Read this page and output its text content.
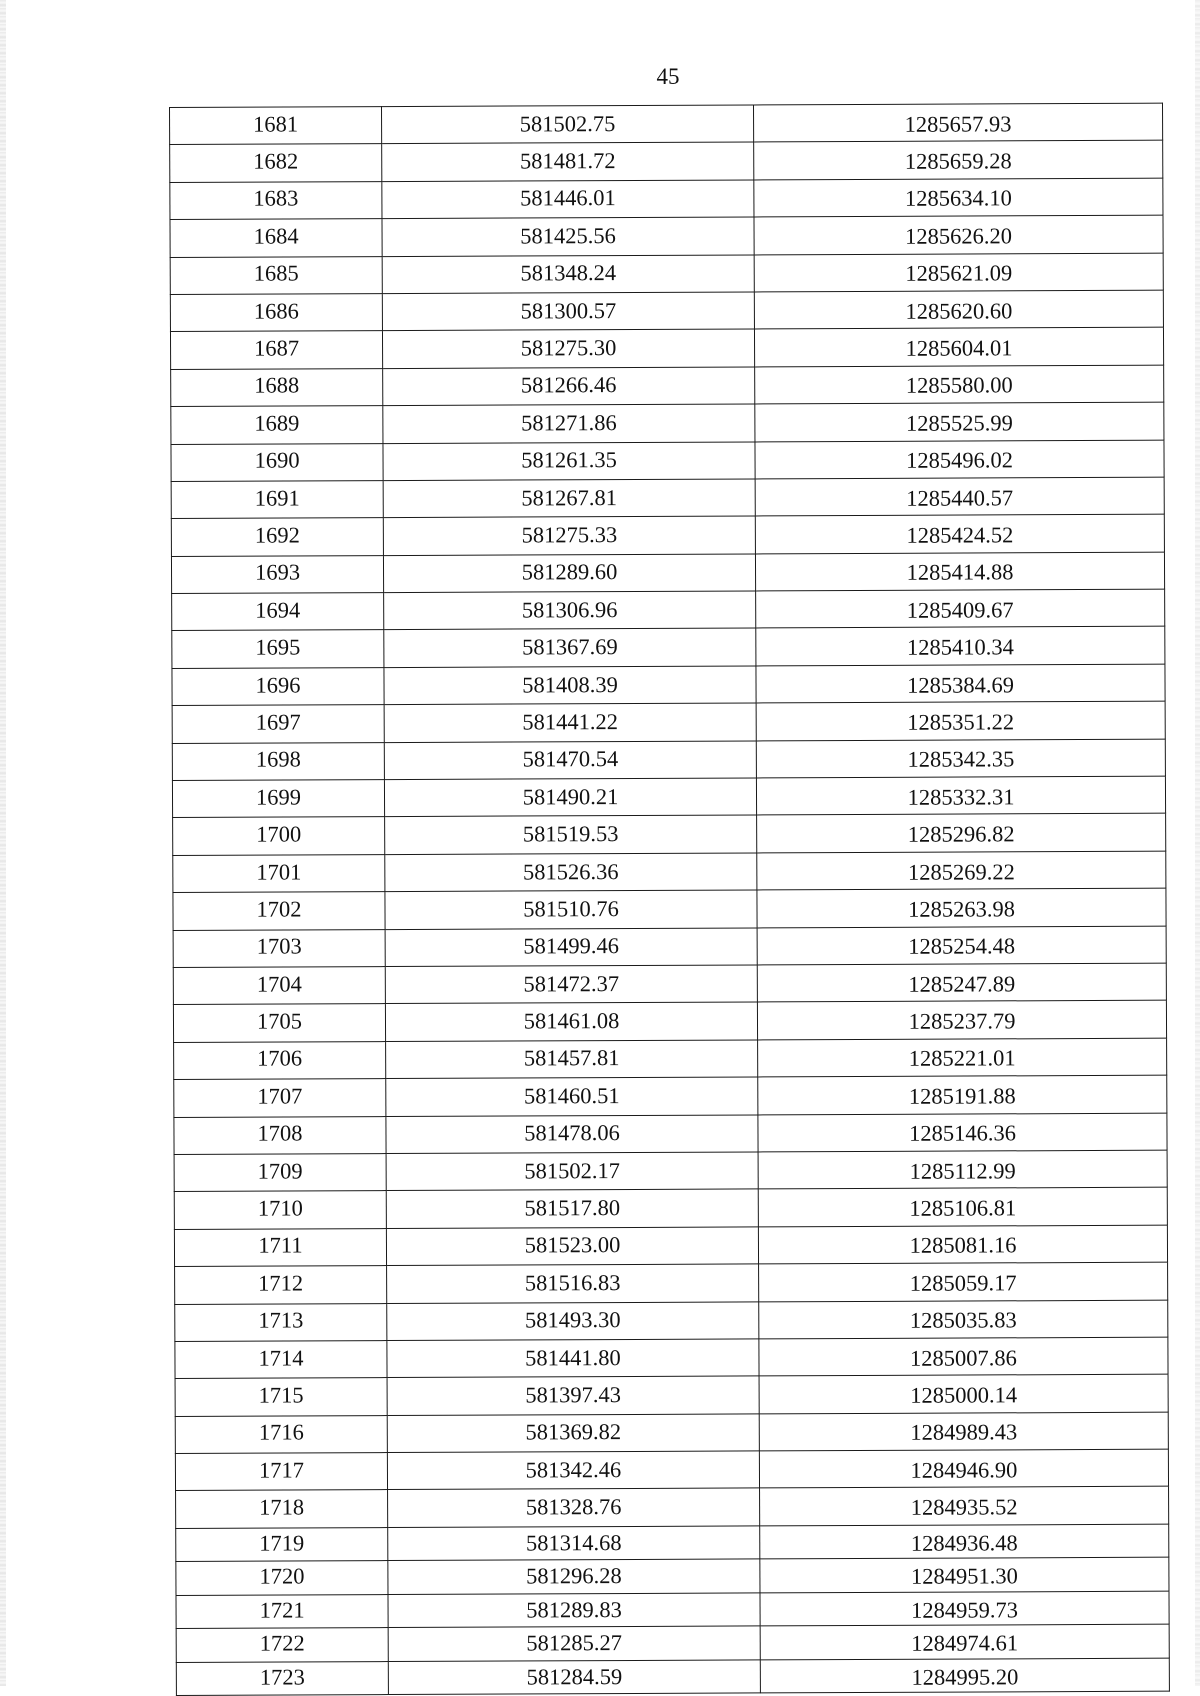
45
1681	581502.75	1285657.93
1682	581481.72	1285659.28
1683	581446.01	1285634.10
1684	581425.56	1285626.20
1685	581348.24	1285621.09
1686	581300.57	1285620.60
1687	581275.30	1285604.01
1688	581266.46	1285580.00
1689	581271.86	1285525.99
1690	581261.35	1285496.02
1691	581267.81	1285440.57
1692	581275.33	1285424.52
1693	581289.60	1285414.88
1694	581306.96	1285409.67
1695	581367.69	1285410.34
1696	581408.39	1285384.69
1697	581441.22	1285351.22
1698	581470.54	1285342.35
1699	581490.21	1285332.31
1700	581519.53	1285296.82
1701	581526.36	1285269.22
1702	581510.76	1285263.98
1703	581499.46	1285254.48
1704	581472.37	1285247.89
1705	581461.08	1285237.79
1706	581457.81	1285221.01
1707	581460.51	1285191.88
1708	581478.06	1285146.36
1709	581502.17	1285112.99
1710	581517.80	1285106.81
1711	581523.00	1285081.16
1712	581516.83	1285059.17
1713	581493.30	1285035.83
1714	581441.80	1285007.86
1715	581397.43	1285000.14
1716	581369.82	1284989.43
1717	581342.46	1284946.90
1718	581328.76	1284935.52
1719	581314.68	1284936.48
1720	581296.28	1284951.30
1721	581289.83	1284959.73
1722	581285.27	1284974.61
1723	581284.59	1284995.20
